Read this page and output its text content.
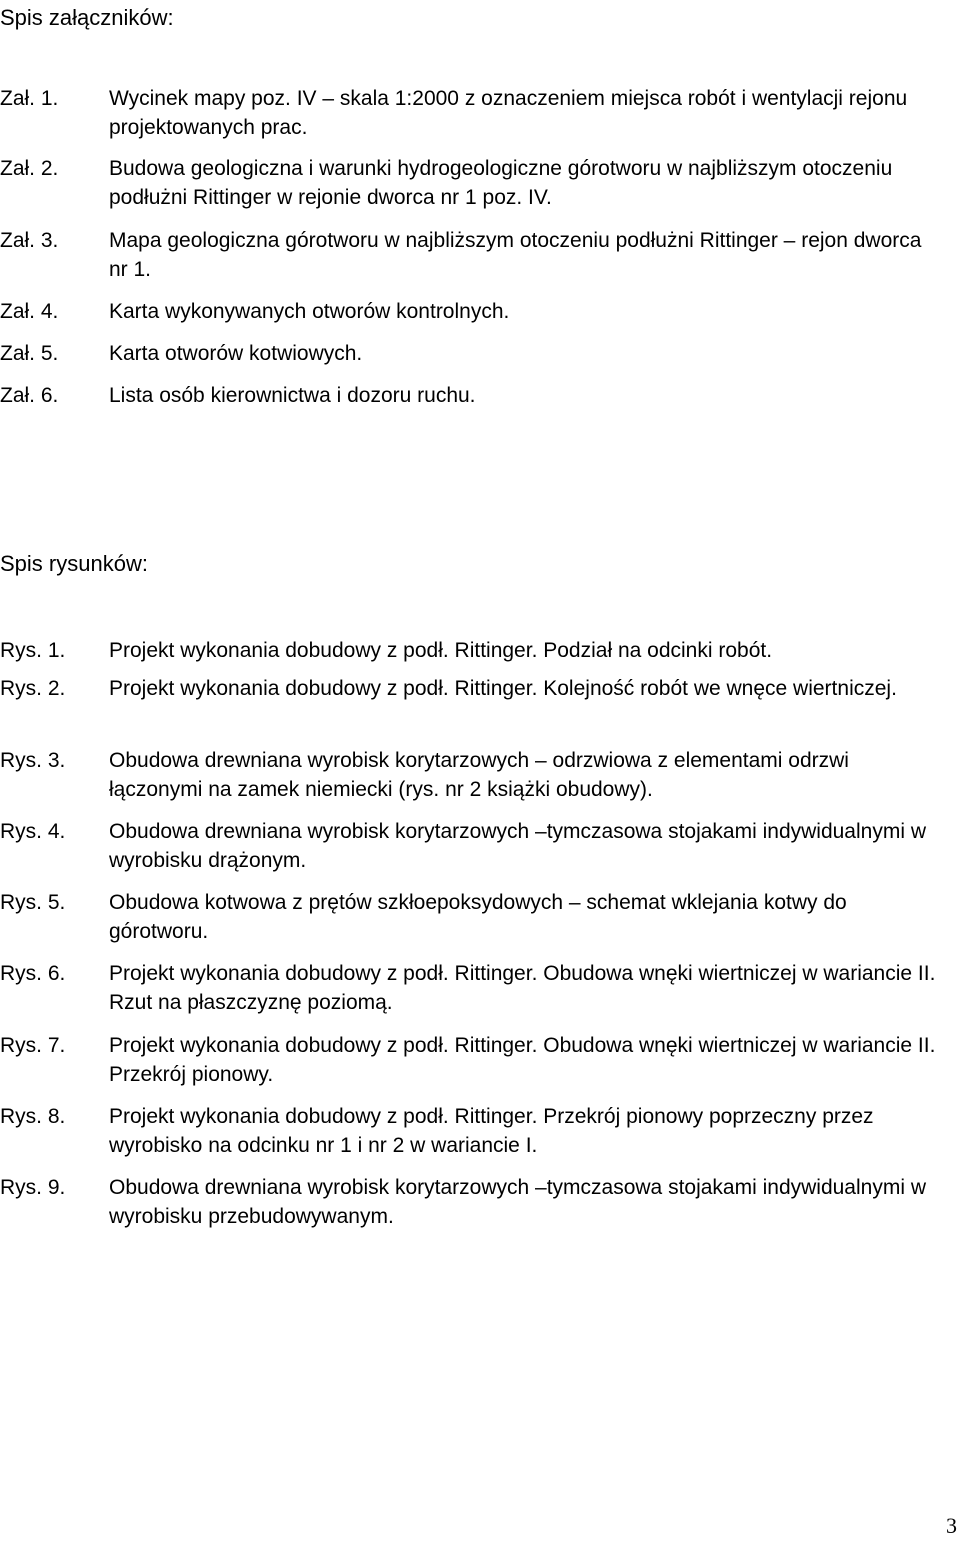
Spis załączników:
Zał. 1.	Wycinek mapy poz. IV – skala 1:2000 z oznaczeniem miejsca robót i wentylacji rejonu projektowanych prac.
Zał. 2.	Budowa geologiczna i warunki hydrogeologiczne górotworu w najbliższym otoczeniu podłużni Rittinger w rejonie dworca nr 1 poz. IV.
Zał. 3.	Mapa geologiczna górotworu w najbliższym otoczeniu podłużni Rittinger – rejon dworca nr 1.
Zał. 4.	Karta wykonywanych otworów kontrolnych.
Zał. 5.	Karta otworów kotwiowych.
Zał. 6.	Lista osób kierownictwa i dozoru ruchu.
Spis rysunków:
Rys. 1.	Projekt wykonania dobudowy z podł. Rittinger. Podział na odcinki robót.
Rys. 2.	Projekt wykonania dobudowy z podł. Rittinger. Kolejność robót we wnęce wiertniczej.
Rys. 3.	Obudowa drewniana wyrobisk korytarzowych – odrzwiowa z elementami odrzwi łączonymi na zamek niemiecki (rys. nr 2 książki obudowy).
Rys. 4.	Obudowa drewniana wyrobisk korytarzowych –tymczasowa stojakami indywidualnymi w wyrobisku drążonym.
Rys. 5.	Obudowa kotwowa z prętów szkłoepoksydowych – schemat wklejania kotwy do górotworu.
Rys. 6.	Projekt wykonania dobudowy z podł. Rittinger. Obudowa wnęki wiertniczej w wariancie II. Rzut na płaszczyznę poziomą.
Rys. 7.	Projekt wykonania dobudowy z podł. Rittinger. Obudowa wnęki wiertniczej w wariancie II. Przekrój pionowy.
Rys. 8.	Projekt wykonania dobudowy z podł. Rittinger. Przekrój pionowy poprzeczny przez wyrobisko na odcinku nr 1 i nr 2 w wariancie I.
Rys. 9.	Obudowa drewniana wyrobisk korytarzowych –tymczasowa stojakami indywidualnymi w wyrobisku przebudowywanym.
3
